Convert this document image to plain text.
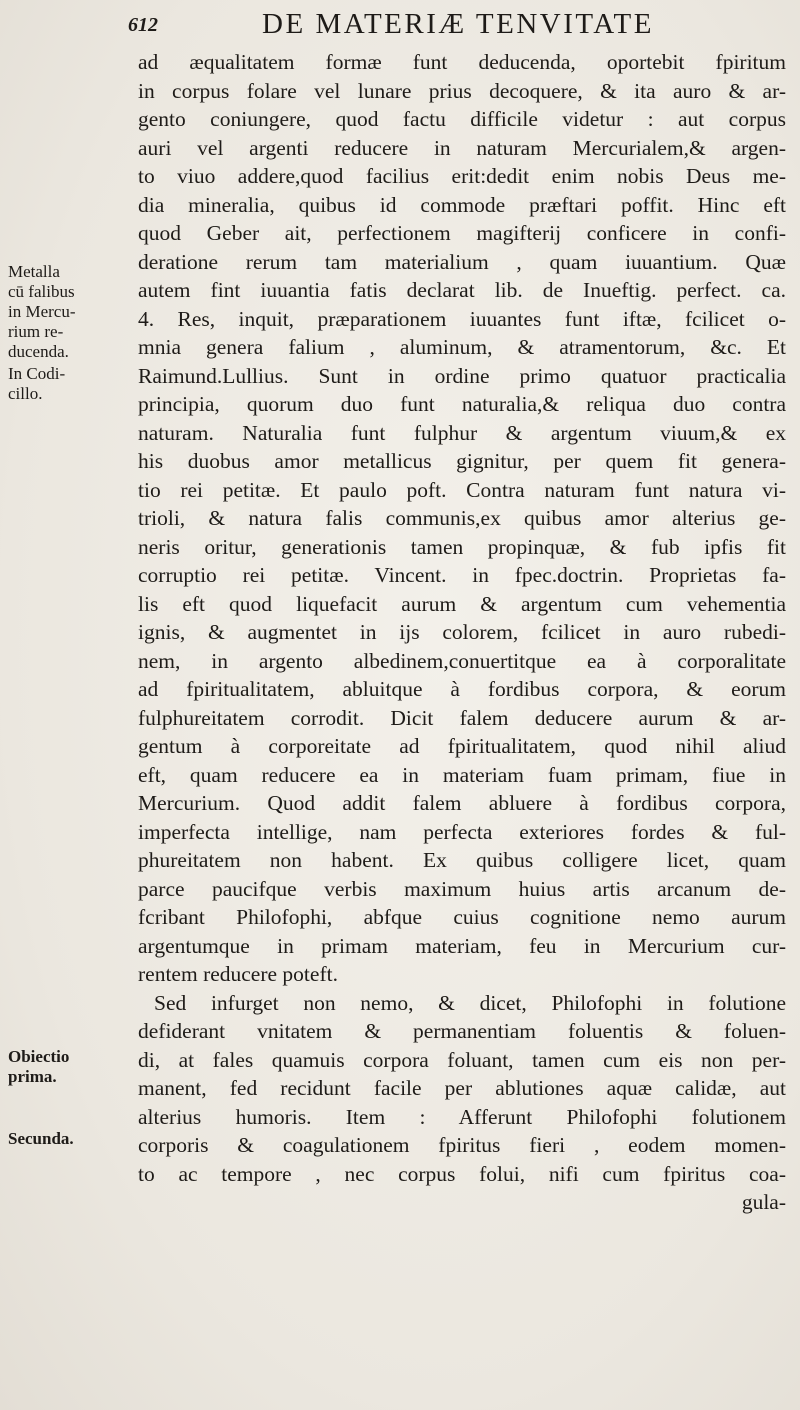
612	DE MATERIÆ TENVITATE
Metalla
cū falibus
in Mercu-
rium re-
ducenda.
In Codi-
cillo.
Obiectio
prima.
Secunda.
ad æqualitatem formæ funt deducenda, oportebit fpiritum
in corpus folare vel lunare prius decoquere, & ita auro & ar-
gento coniungere, quod factu difficile videtur : aut corpus
auri vel argenti reducere in naturam Mercurialem,& argen-
to viuo addere,quod facilius erit:dedit enim nobis Deus me-
dia mineralia, quibus id commode præftari poffit. Hinc eft
quod Geber ait, perfectionem magifterij conficere in confi-
deratione rerum tam materialium , quam iuuantium. Quæ
autem fint iuuantia fatis declarat lib. de Inueftig. perfect. ca.
4. Res, inquit, præparationem iuuantes funt iftæ, fcilicet o-
mnia genera falium , aluminum, & atramentorum, &c. Et
Raimund.Lullius. Sunt in ordine primo quatuor practicalia
principia, quorum duo funt naturalia,& reliqua duo contra
naturam. Naturalia funt fulphur & argentum viuum,& ex
his duobus amor metallicus gignitur, per quem fit genera-
tio rei petitæ. Et paulo poft. Contra naturam funt natura vi-
trioli, & natura falis communis,ex quibus amor alterius ge-
neris oritur, generationis tamen propinquæ, & fub ipfis fit
corruptio rei petitæ. Vincent. in fpec.doctrin. Proprietas fa-
lis eft quod liquefacit aurum & argentum cum vehementia
ignis, & augmentet in ijs colorem, fcilicet in auro rubedi-
nem, in argento albedinem,conuertitque ea à corporalitate
ad fpiritualitatem, abluitque à fordibus corpora, & eorum
fulphureitatem corrodit. Dicit falem deducere aurum & ar-
gentum à corporeitate ad fpiritualitatem, quod nihil aliud
eft, quam reducere ea in materiam fuam primam, fiue in
Mercurium. Quod addit falem abluere à fordibus corpora,
imperfecta intellige, nam perfecta exteriores fordes & ful-
phureitatem non habent. Ex quibus colligere licet, quam
parce paucifque verbis maximum huius artis arcanum de-
fcribant Philofophi, abfque cuius cognitione nemo aurum
argentumque in primam materiam, feu in Mercurium cur-
rentem reducere poteft.
Sed infurget non nemo, & dicet, Philofophi in folutione
defiderant vnitatem & permanentiam foluentis & foluen-
di, at fales quamuis corpora foluant, tamen cum eis non per-
manent, fed recidunt facile per ablutiones aquæ calidæ, aut
alterius humoris. Item : Afferunt Philofophi folutionem
corporis & coagulationem fpiritus fieri , eodem momen-
to ac tempore , nec corpus folui, nifi cum fpiritus coa-
gula-
